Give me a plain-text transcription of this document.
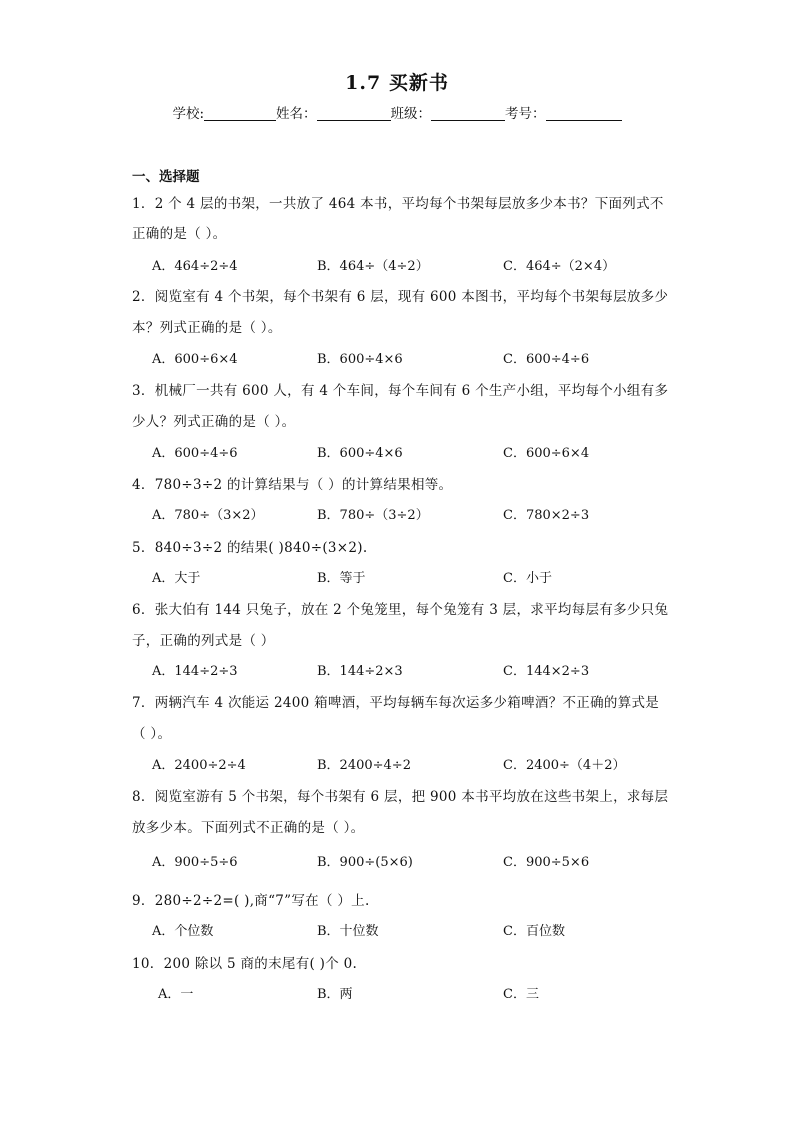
1.7 买新书
学校:	姓名：	班级：	考号：
一、选择题
1．2 个 4 层的书架，一共放了 464 本书，平均每个书架每层放多少本书？下面列式不
正确的是（ ）。
A．464÷2÷4	B．464÷（4÷2）	C．464÷（2×4）
2．阅览室有 4 个书架，每个书架有 6 层，现有 600 本图书，平均每个书架每层放多少
本？列式正确的是（ ）。
A．600÷6×4	B．600÷4×6	C．600÷4÷6
3．机械厂一共有 600 人，有 4 个车间，每个车间有 6 个生产小组，平均每个小组有多
少人？列式正确的是（ ）。
A．600÷4÷6	B．600÷4×6	C．600÷6×4
4．780÷3÷2 的计算结果与（ ）的计算结果相等。
A．780÷（3×2）	B．780÷（3÷2）	C．780×2÷3
5．840÷3÷2 的结果( )840÷(3×2).
A．大于	B．等于	C．小于
6．张大伯有 144 只兔子，放在 2 个兔笼里，每个兔笼有 3 层，求平均每层有多少只兔
子，正确的列式是（ ）
A．144÷2÷3	B．144÷2×3	C．144×2÷3
7．两辆汽车 4 次能运 2400 箱啤酒，平均每辆车每次运多少箱啤酒？不正确的算式是
（ ）。
A．2400÷2÷4	B．2400÷4÷2	C．2400÷（4＋2）
8．阅览室游有 5 个书架，每个书架有 6 层，把 900 本书平均放在这些书架上，求每层
放多少本。下面列式不正确的是（ ）。
A．900÷5÷6	B．900÷(5×6)	C．900÷5×6
9．280÷2÷2=( ),商“7”写在（ ）上.
A．个位数	B．十位数	C．百位数
10．200 除以 5 商的末尾有( )个 0.
A．一	B．两	C．三
